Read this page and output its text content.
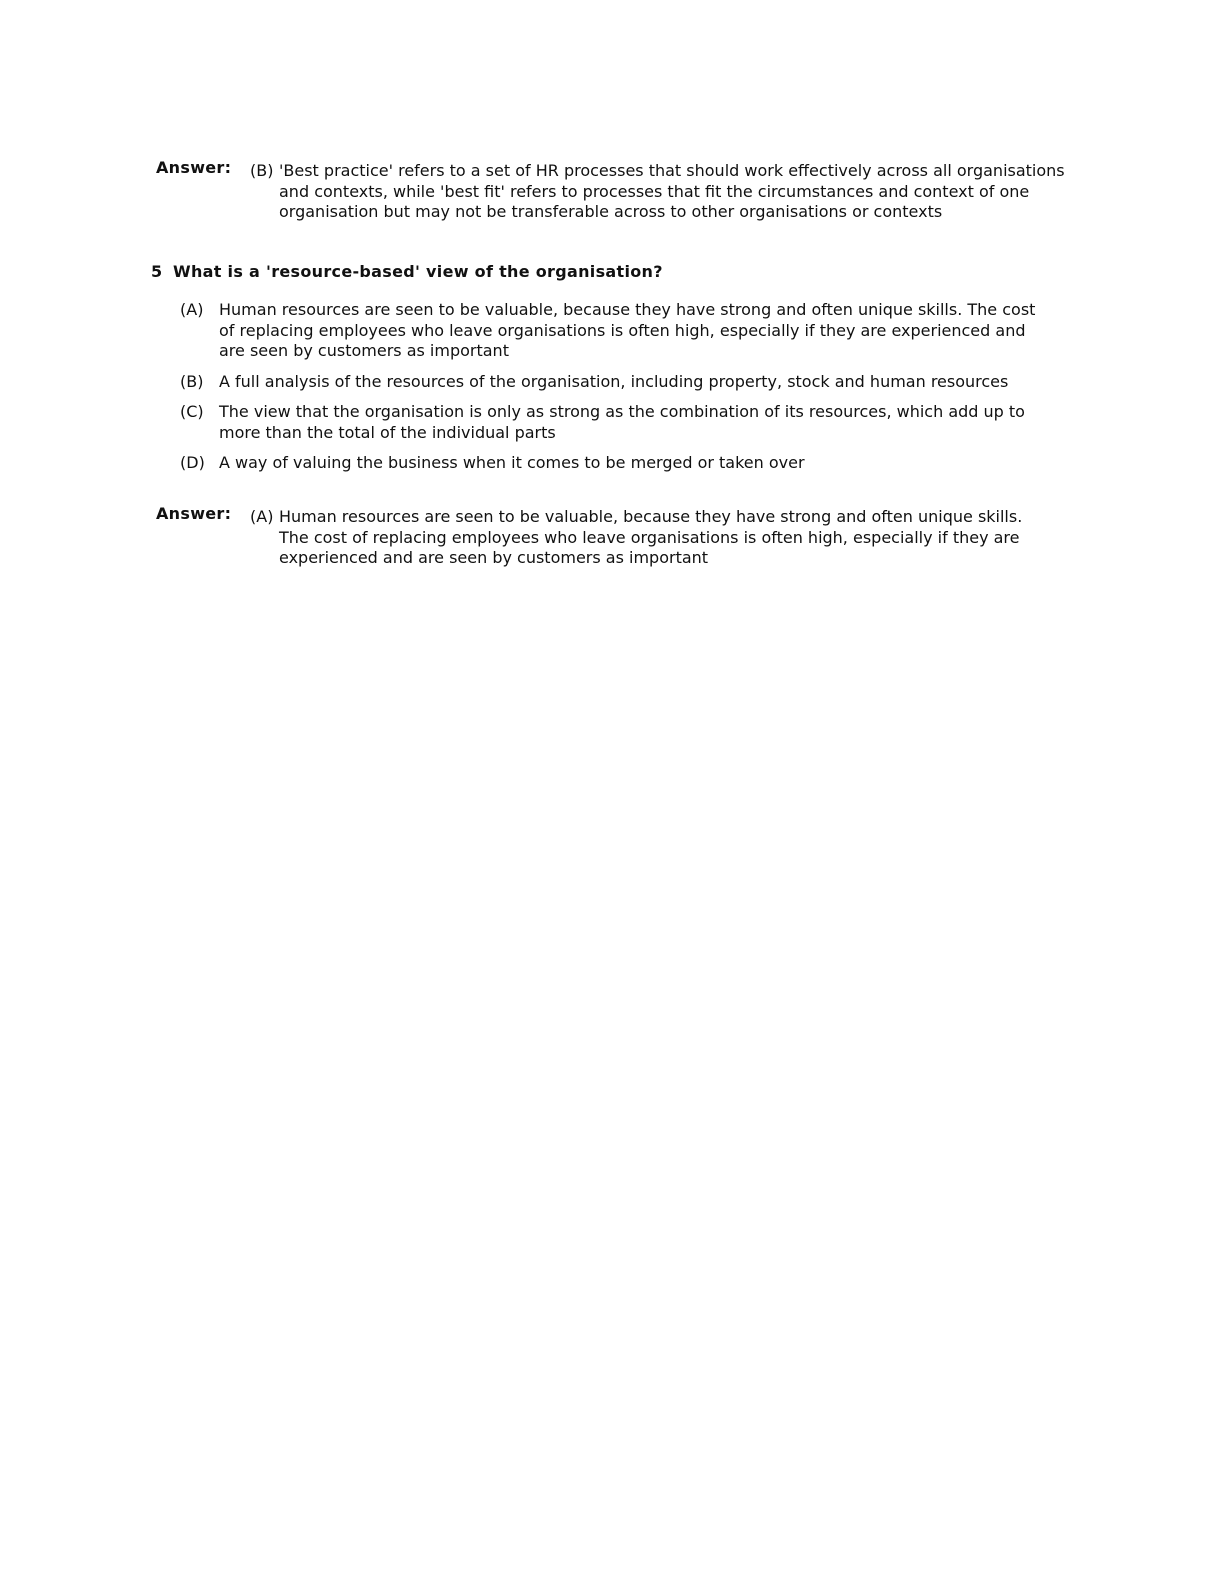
Answer: (B) 'Best practice' refers to a set of HR processes that should work effectively across all organisations and contexts, while 'best fit' refers to processes that fit the circumstances and context of one organisation but may not be transferable across to other organisations or contexts
5 What is a 'resource-based' view of the organisation?
(A) Human resources are seen to be valuable, because they have strong and often unique skills. The cost of replacing employees who leave organisations is often high, especially if they are experienced and are seen by customers as important
(B) A full analysis of the resources of the organisation, including property, stock and human resources
(C) The view that the organisation is only as strong as the combination of its resources, which add up to more than the total of the individual parts
(D) A way of valuing the business when it comes to be merged or taken over
Answer: (A) Human resources are seen to be valuable, because they have strong and often unique skills. The cost of replacing employees who leave organisations is often high, especially if they are experienced and are seen by customers as important
